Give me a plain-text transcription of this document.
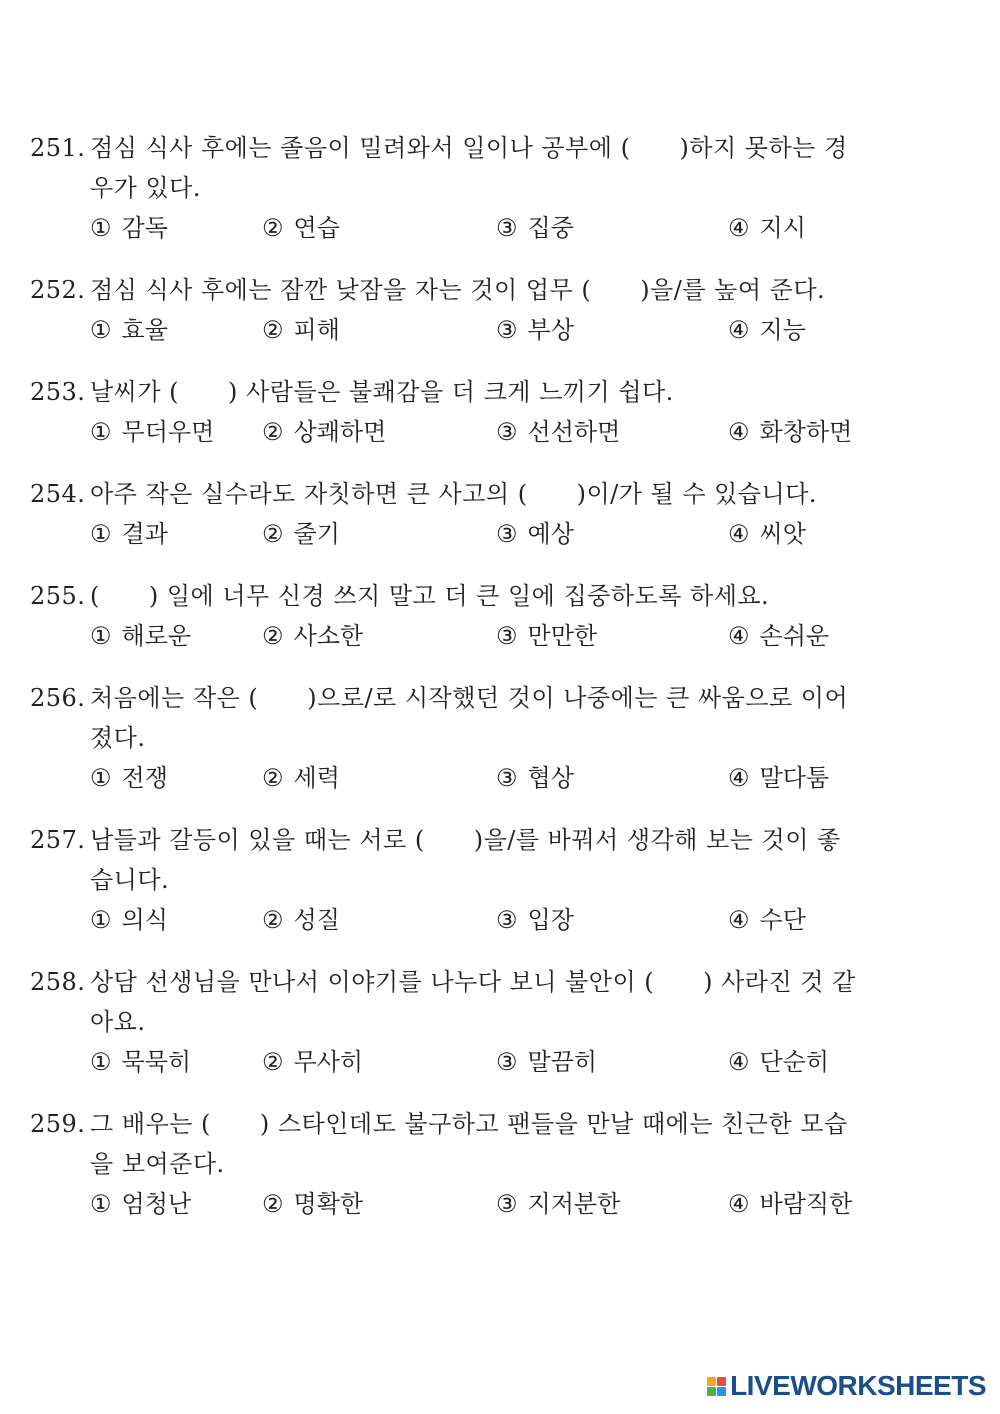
251. 점심 식사 후에는 졸음이 밀려와서 일이나 공부에 (　　)하지 못하는 경
우가 있다.
① 감독	② 연습	③ 집중	④ 지시
252. 점심 식사 후에는 잠깐 낮잠을 자는 것이 업무 (　　)을/를 높여 준다.
① 효율	② 피해	③ 부상	④ 지능
253. 날씨가 (　　) 사람들은 불쾌감을 더 크게 느끼기 쉽다.
① 무더우면 ② 상쾌하면	③ 선선하면	④ 화창하면
254. 아주 작은 실수라도 자칫하면 큰 사고의 (　　)이/가 될 수 있습니다.
① 결과	② 줄기	③ 예상	④ 씨앗
255. (　　) 일에 너무 신경 쓰지 말고 더 큰 일에 집중하도록 하세요.
① 해로운	② 사소한	③ 만만한	④ 손쉬운
256. 처음에는 작은 (　　)으로/로 시작했던 것이 나중에는 큰 싸움으로 이어
졌다.
① 전쟁	② 세력	③ 협상	④ 말다툼
257. 남들과 갈등이 있을 때는 서로 (　　)을/를 바꿔서 생각해 보는 것이 좋
습니다.
① 의식	② 성질	③ 입장	④ 수단
258. 상담 선생님을 만나서 이야기를 나누다 보니 불안이 (　　) 사라진 것 같
아요.
① 묵묵히	② 무사히	③ 말끔히	④ 단순히
259. 그 배우는 (　　) 스타인데도 불구하고 팬들을 만날 때에는 친근한 모습
을 보여준다.
① 엄청난	② 명확한	③ 지저분한	④ 바람직한
LIVEWORKSHEETS
